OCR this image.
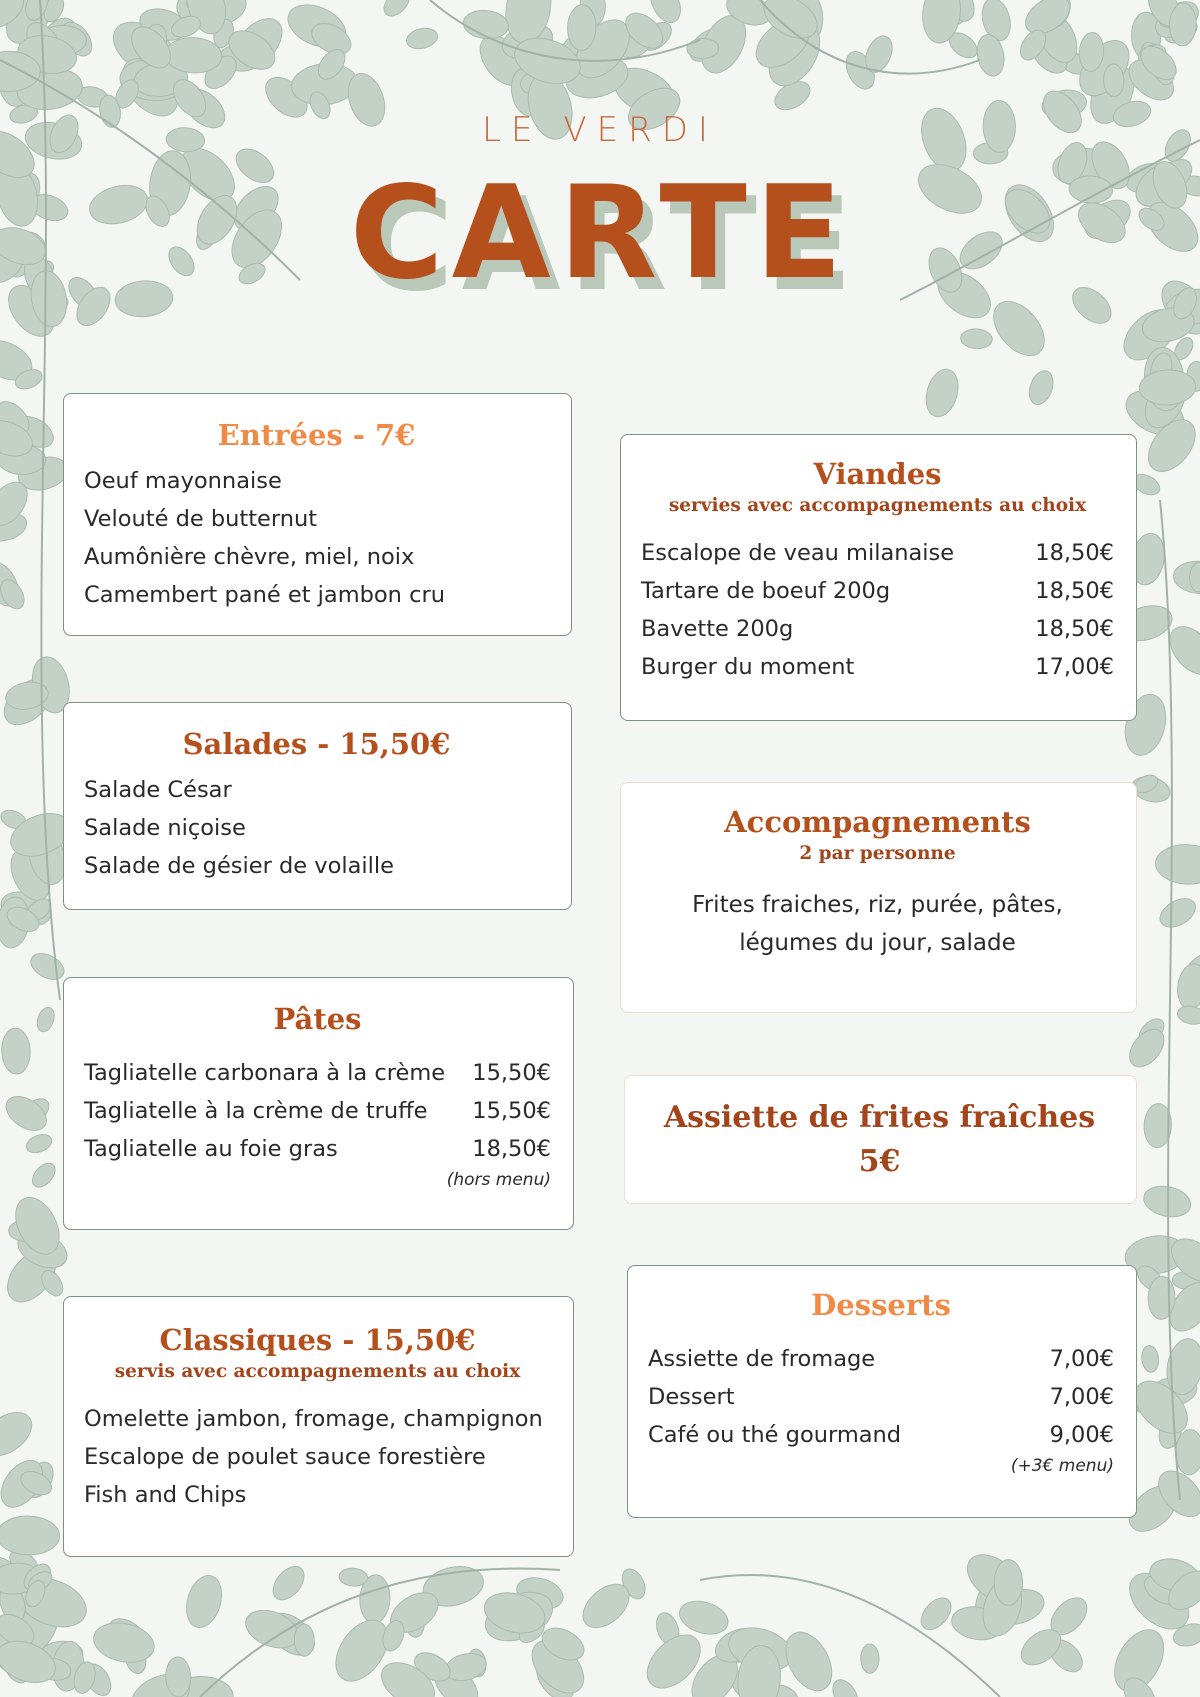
LE VERDI
CARTE
Entrées - 7€
Oeuf mayonnaise
Velouté de butternut
Aumônière chèvre, miel, noix
Camembert pané et jambon cru
Salades - 15,50€
Salade César
Salade niçoise
Salade de gésier de volaille
Pâtes
Tagliatelle carbonara à la crème 15,50€
Tagliatelle à la crème de truffe 15,50€
Tagliatelle au foie gras	18,50€
(hors menu)
Classiques - 15,50€
servis avec accompagnements au choix
Omelette jambon, fromage, champignon
Escalope de poulet sauce forestière
Fish and Chips
Viandes
servies avec accompagnements au choix
Escalope de veau milanaise	18,50€
Tartare de boeuf 200g	18,50€
Bavette 200g	18,50€
Burger du moment	17,00€
Accompagnements
2 par personne
Frites fraiches, riz, purée, pâtes,
légumes du jour, salade
Assiette de frites fraîches
5€
Desserts
Assiette de fromage	7,00€
Dessert	7,00€
Café ou thé gourmand	9,00€
(+3€ menu)
